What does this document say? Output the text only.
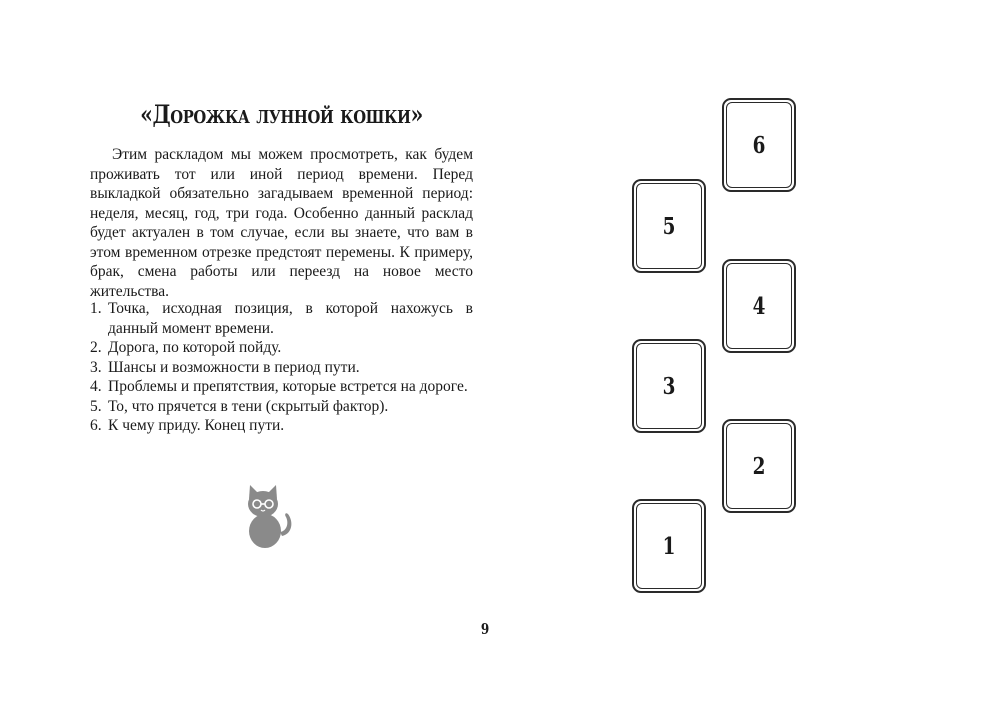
«Дорожка лунной кошки»

Этим раскладом мы можем просмотреть, как будем проживать тот или иной период времени. Перед выкладкой обязательно загадываем временной период: неделя, месяц, год, три года. Особенно данный расклад будет актуален в том случае, если вы знаете, что вам в этом временном отрезке предстоят перемены. К примеру, брак, смена работы или переезд на новое место жительства.

1. Точка, исходная позиция, в которой нахожусь в данный момент времени.
2. Дорога, по которой пойду.
3. Шансы и возможности в период пути.
4. Проблемы и препятствия, которые встрется на дороге.
5. То, что прячется в тени (скрытый фактор).
6. К чему приду. Конец пути.
1
2
3
4
5
6
9
